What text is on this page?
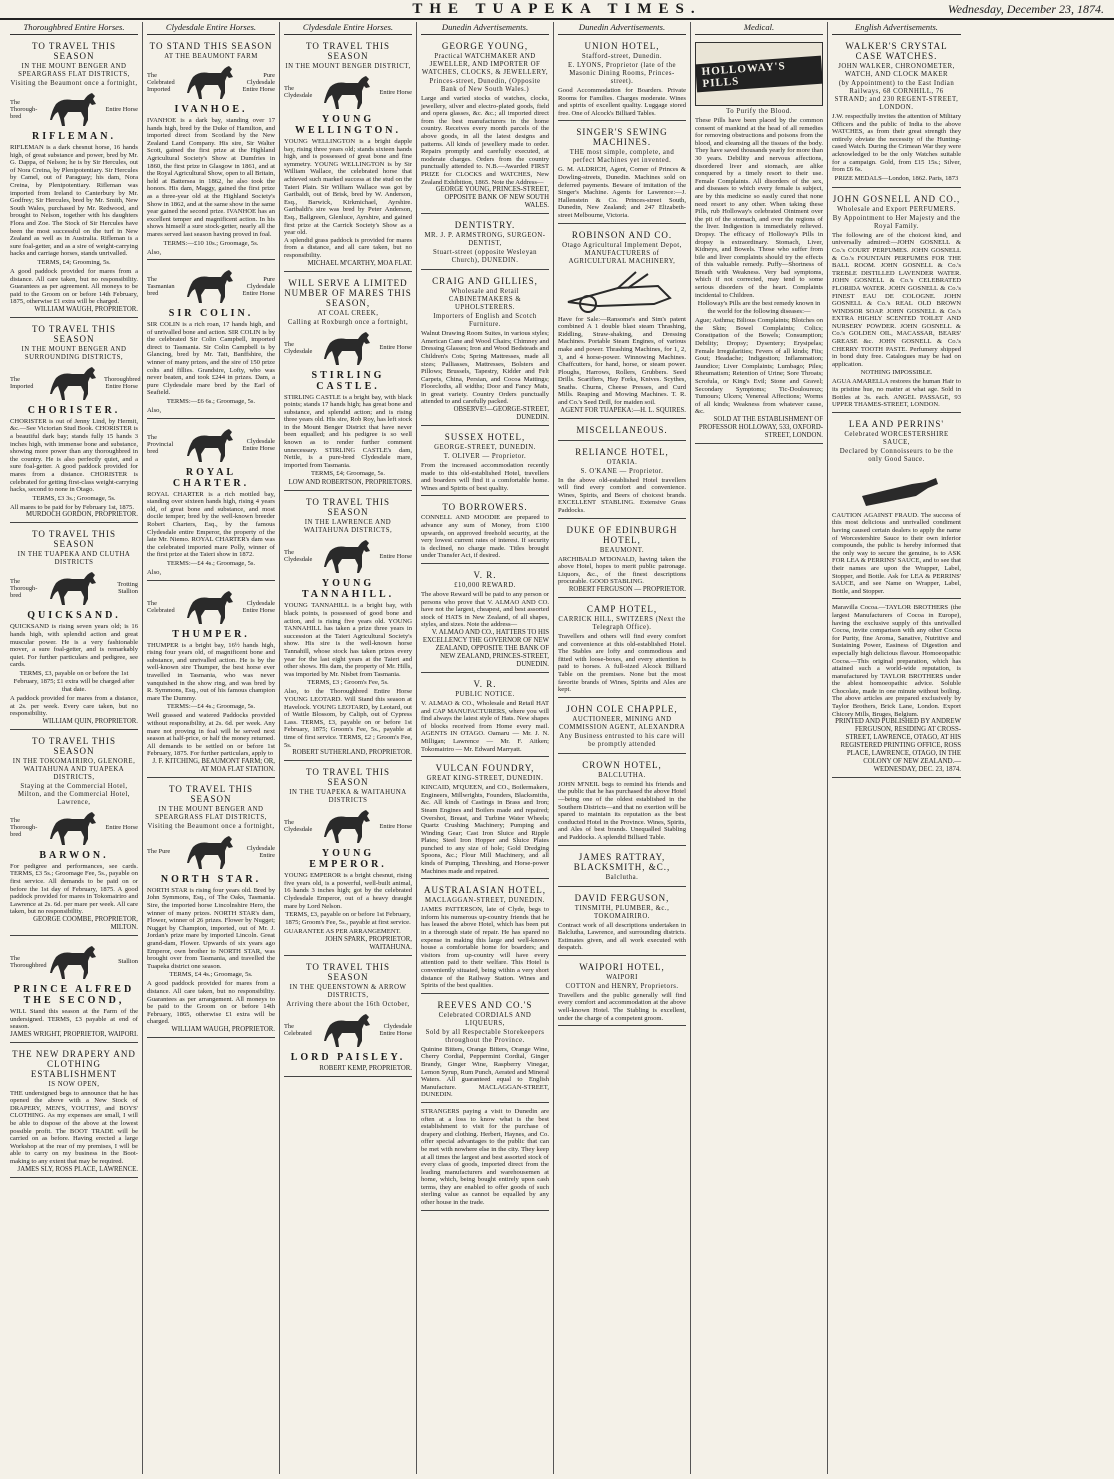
THE TUAPEKA TIMES.	Wednesday, December 23, 1874.
Thoroughbred Entire Horses.
TO TRAVEL THIS SEASON
IN THE MOUNT BENGER AND SPEARGRASS FLAT DISTRICTS,
Visiting the Beaumont once a fortnight,
The Thorough-bred
Entire Horse
RIFLEMAN.

RIFLEMAN is a dark chesnut horse, 16 hands high, of great substance and power, bred by Mr. G. Dappa, of Nelson; he is by Sir Hercules, out of Nora Creina, by Plenipotentiary. Sir Hercules by Camel, out of Paraguay; his dam, Nora Creina, by Plenipotentiary. Rifleman was imported from Ireland to Canterbury by Mr. Godfrey; Sir Hercules, bred by Mr. Smith, New South Wales, purchased by Mr. Redwood, and brought to Nelson, together with his daughters Flora and Zoe. The Stock of Sir Hercules have been the most successful on the turf in New Zealand as well as in Australia. Rifleman is a sure foal-getter, and as a sire of weight-carrying hacks and carriage horses, stands unrivalled.

TERMS, £4; Grooming, 5s.

A good paddock provided for mares from a distance. All care taken, but no responsibility. Guarantees as per agreement. All moneys to be paid to the Groom on or before 14th February, 1875, otherwise £1 extra will be charged.

WILLIAM WAUGH, PROPRIETOR.
TO TRAVEL THIS SEASON
IN THE MOUNT BENGER AND SURROUNDING DISTRICTS,
The Imported
Thoroughbred Entire Horse
CHORISTER.

CHORISTER is out of Jenny Lind, by Hermit, &c.—See Victorian Stud Book. CHORISTER is a beautiful dark bay; stands fully 15 hands 3 inches high, with immense bone and substance, showing more power than any thoroughbred in the country. He is also perfectly quiet, and a sure foal-getter. A good paddock provided for mares from a distance. CHORISTER is celebrated for getting first-class weight-carrying hacks, second to none in Otago.

TERMS, £3 3s.; Groomage, 5s.

All mares to be paid for by February 1st, 1875.

MURDOCH GORDON, PROPRIETOR.
TO TRAVEL THIS SEASON
IN THE TUAPEKA AND CLUTHA DISTRICTS
The Thorough-bred
Trotting Stallion
QUICKSAND.

QUICKSAND is rising seven years old; is 16 hands high, with splendid action and great muscular power. He is a very fashionable mover, a sure foal-getter, and is remarkably quiet. For further particulars and pedigree, see cards.

TERMS, £3, payable on or before the 1st February, 1875; £1 extra will be charged after that date.

A paddock provided for mares from a distance, at 2s. per week. Every care taken, but no responsibility.

WILLIAM QUIN, PROPRIETOR.
TO TRAVEL THIS SEASON
IN THE TOKOMAIRIRO, GLENORE, WAITAHUNA AND TUAPEKA DISTRICTS,
Staying at the Commercial Hotel, Milton, and the Commercial Hotel, Lawrence,
The Thorough-bred
Entire Horse
BARWON.

For pedigree and performances, see cards. TERMS, £3 5s.; Groomage Fee, 5s., payable on first service. All demands to be paid on or before the 1st day of February, 1875. A good paddock provided for mares in Tokomairiro and Lawrence at 2s. 6d. per mare per week. All care taken, but no responsibility.

GEORGE COOMBE, PROPRIETOR, MILTON.
The Thoroughbred	Stallion
PRINCE ALFRED THE SECOND,

WILL Stand this season at the Farm of the undersigned. TERMS, £3 payable at end of season.

JAMES WRIGHT, PROPRIETOR, WAIPORI.
THE NEW DRAPERY AND CLOTHING ESTABLISHMENT
IS NOW OPEN,

THE undersigned begs to announce that he has opened the above with a New Stock of DRAPERY, MEN'S, YOUTHS', and BOYS' CLOTHING. As my expenses are small, I will be able to dispose of the above at the lowest possible profit. The BOOT TRADE will be carried on as before. Having erected a large Workshop at the rear of my premises, I will be able to carry on my business in the Boot-making to any extent that may be required.

JAMES SLY, ROSS PLACE, LAWRENCE.
Clydesdale Entire Horses.
TO STAND THIS SEASON
AT THE BEAUMONT FARM
The Celebrated Imported
Pure Clydesdale Entire Horse
IVANHOE.

IVANHOE is a dark bay, standing over 17 hands high, bred by the Duke of Hamilton, and imported direct from Scotland by the New Zealand Land Company. His sire, Sir Walter Scott, gained the first prize at the Highland Agricultural Society's Show at Dumfries in 1860, the first prize in Glasgow in 1861, and at the Royal Agricultural Show, open to all Britain, held at Battersea in 1862, he also took the honors. His dam, Maggy, gained the first prize as a three-year old at the Highland Society's Show in 1862, and at the same show in the same year gained the second prize. IVANHOE has an excellent temper and magnificent action. In his shows himself a sure stock-getter, nearly all the mares served last season having proved in foal.

TERMS:—£10 10s.; Groomage, 5s.

Also,

The Tasmanian bred
Pure Clydesdale Entire Horse
SIR COLIN.

SIR COLIN is a rich roan, 17 hands high, and of unrivalled bone and action. SIR COLIN is by the celebrated Sir Colin Campbell, imported direct to Tasmania. Sir Colin Campbell is by Glancing, bred by Mr. Tait, Banffshire, the winner of many prizes, and the sire of 150 prize colts and fillies. Grandsire, Lofty, who was never beaten, and took £244 in prizes. Dam, a pure Clydesdale mare bred by the Earl of Seafield.

TERMS:—£6 6s.; Groomage, 5s.

Also,

The Provincial bred
Clydesdale Entire Horse
ROYAL CHARTER.

ROYAL CHARTER is a rich mottled bay, standing over sixteen hands high, rising 4 years old, of great bone and substance, and most docile temper; bred by the well-known breeder Robert Charters, Esq., by the famous Clydesdale entire Emperor, the property of the late Mr. Niemo. ROYAL CHARTER's dam was the celebrated imported mare Polly, winner of the first prize at the Taieri show in 1872.

TERMS:—£4 4s.; Groomage, 5s.

Also,

The Celebrated
Clydesdale Entire Horse
THUMPER.

THUMPER is a bright bay, 16½ hands high, rising four years old, of magnificent bone and substance, and unrivalled action. He is by the well-known sire Thumper, the best horse ever travelled in Tasmania, who was never vanquished in the show ring, and was bred by R. Symmons, Esq., out of his famous champion mare The Dummy.

TERMS:—£4 4s.; Groomage, 5s.

Well grassed and watered Paddocks provided without responsibility, at 2s. 6d. per week. Any mare not proving in foal will be served next season at half-price, or half the money returned. All demands to be settled on or before 1st February, 1875. For further particulars, apply to

J. F. KITCHING, BEAUMONT FARM; OR, AT MOA FLAT STATION.
TO TRAVEL THIS SEASON
IN THE MOUNT BENGER AND SPEARGRASS FLAT DISTRICTS,
Visiting the Beaumont once a fortnight,
The Pure	Clydesdale Entire
NORTH STAR.

NORTH STAR is rising four years old. Bred by John Symmons, Esq., of The Oaks, Tasmania. Sire, the imported horse Lincolnshire Hero, the winner of many prizes. NORTH STAR's dam, Flower, winner of 26 prizes. Flower by Nugget; Nugget by Champion, imported, out of Mr. J. Jordan's prize mare by imported Lincoln. Great grand-dam, Flower. Upwards of six years ago Emperor, own brother to NORTH STAR, was brought over from Tasmania, and travelled the Tuapeka district one season.

TERMS, £4 4s.; Groomage, 5s.

A good paddock provided for mares from a distance. All care taken, but no responsibility. Guarantees as per arrangement. All moneys to be paid to the Groom on or before 14th February, 1865, otherwise £1 extra will be charged.

WILLIAM WAUGH, PROPRIETOR.
Clydesdale Entire Horses.
TO TRAVEL THIS SEASON
IN THE MOUNT BENGER DISTRICT,
The Clydesdale	Entire Horse
YOUNG WELLINGTON.

YOUNG WELLINGTON is a bright dapple bay, rising three years old; stands sixteen hands high, and is possessed of great bone and fine symmetry. YOUNG WELLINGTON is by Sir William Wallace, the celebrated horse that achieved such marked success at the stud on the Taieri Plain. Sir William Wallace was got by Garibaldi, out of Brisk, bred by W. Anderson, Esq., Barwick, Kirkmichael, Ayrshire. Garibaldi's sire was bred by Peter Anderson, Esq., Ballgreen, Glenluce, Ayrshire, and gained first prize at the Carrick Society's Show as a year old.

A splendid grass paddock is provided for mares from a distance, and all care taken, but no responsibility.

MICHAEL M'CARTHY, MOA FLAT.
WILL SERVE A LIMITED NUMBER OF MARES THIS SEASON,
AT COAL CREEK,
Calling at Roxburgh once a fortnight,
The Clydesdale	Entire Horse
STIRLING CASTLE.

STIRLING CASTLE is a bright bay, with black points; stands 17 hands high; has great bone and substance, and splendid action; and is rising three years old. His sire, Rob Roy, has left stock in the Mount Benger District that have never been equalled; and his pedigree is so well known as to render further comment unnecessary. STIRLING CASTLE's dam, Nettle, is a pure-bred Clydesdale mare, imported from Tasmania.

TERMS, £4; Groomage, 5s.
LOW AND ROBERTSON, PROPRIETORS.
TO TRAVEL THIS SEASON
IN THE LAWRENCE AND WAITAHUNA DISTRICTS,
The Clydesdale	Entire Horse
YOUNG TANNAHILL.

YOUNG TANNAHILL is a bright bay, with black points, is possessed of good bone and action, and is rising five years old. YOUNG TANNAHILL has taken a prize three years in succession at the Taieri Agricultural Society's show. His sire is the well-known horse Tannahill, whose stock has taken prizes every year for the last eight years at the Taieri and other shows. His dam, the property of Mr. Hills, was imported by Mr. Nisbet from Tasmania.

TERMS, £3 ; Groom's Fee, 5s.

Also, to the Thoroughbred Entire Horse YOUNG LEOTARD. Will Stand this season at Havelock. YOUNG LEOTARD, by Leotard, out of Wattle Blossom, by Caliph, out of Cypress Lass. TERMS, £3, payable on or before 1st February, 1875; Groom's Fee, 5s., payable at time of first service. TERMS, £2 ; Groom's Fee, 5s.

ROBERT SUTHERLAND, PROPRIETOR.
TO TRAVEL THIS SEASON
IN THE TUAPEKA & WAITAHUNA DISTRICTS
The Clydesdale	Entire Horse
YOUNG EMPEROR.

YOUNG EMPEROR is a bright chesnut, rising five years old, is a powerful, well-built animal, 16 hands 3 inches high; got by the celebrated Clydesdale Emperor, out of a heavy draught mare by Lord Nelson.

TERMS, £3, payable on or before 1st February, 1875; Groom's Fee, 5s., payable at first service.

GUARANTEE AS PER ARRANGEMENT.

JOHN SPARK, PROPRIETOR, WAITAHUNA.
TO TRAVEL THIS SEASON
IN THE QUEENSTOWN & ARROW DISTRICTS,
Arriving there about the 16th October,
The Celebrated
Clydesdale Entire Horse
LORD PAISLEY.
ROBERT KEMP, PROPRIETOR.
Dunedin Advertisements.
GEORGE YOUNG,
Practical WATCHMAKER AND JEWELLER, AND IMPORTER OF WATCHES, CLOCKS, & JEWELLERY,
Princes-street, Dunedin, (Opposite Bank of New South Wales.)

Large and varied stocks of watches, clocks, jewellery, silver and electro-plated goods, field and opera glasses, &c. &c.; all imported direct from the best manufacturers in the home country. Receives every month parcels of the above goods, in all the latest designs and patterns. All kinds of jewellery made to order. Repairs promptly and carefully executed, at moderate charges. Orders from the country punctually attended to. N.B.—Awarded FIRST PRIZE for CLOCKS and WATCHES, New Zealand Exhibition, 1865. Note the Address—

GEORGE YOUNG, PRINCES-STREET, OPPOSITE BANK OF NEW SOUTH WALES.
DENTISTRY.
MR. J. P. ARMSTRONG, SURGEON-DENTIST,
Stuart-street (opposite Wesleyan Church), DUNEDIN.
CRAIG AND GILLIES,
Wholesale and Retail CABINETMAKERS & UPHOLSTERERS.
Importers of English and Scotch Furniture.

Walnut Drawing Room Suites, in various styles; American Cane and Wood Chairs; Chimney and Dressing Glasses; Iron and Wood Bedsteads and Children's Cots; Spring Mattresses, made all sizes; Palliasses, Mattresses, Bolsters and Pillows; Brussels, Tapestry, Kidder and Felt Carpets, China, Persian, and Cocoa Mattings; Floorcloths, all widths; Door and Fancy Mats, in great variety. Country Orders punctually attended to and carefully packed.

OBSERVE!—GEORGE-STREET, DUNEDIN.
SUSSEX HOTEL,
GEORGE-STREET, DUNEDIN.
T. OLIVER — Proprietor.

From the increased accommodation recently made to this old-established Hotel, travellers and boarders will find it a comfortable home. Wines and Spirits of best quality.

TO BORROWERS.

CONNELL AND MOODIE are prepared to advance any sum of Money, from £100 upwards, on approved freehold security, at the very lowest current rates of interest. If security is declined, no charge made. Titles brought under Transfer Act, if desired.

V. R.
£10,000 REWARD.

The above Reward will be paid to any person or persons who prove that V. ALMAO AND CO. have not the largest, cheapest, and best assorted stock of HATS in New Zealand, of all shapes, styles, and sizes. Note the address—

V. ALMAO AND CO., HATTERS TO HIS EXCELLENCY THE GOVERNOR OF NEW ZEALAND, OPPOSITE THE BANK OF NEW ZEALAND, PRINCES-STREET, DUNEDIN.
V. R.
PUBLIC NOTICE.

V. ALMAO & CO., Wholesale and Retail HAT and CAP MANUFACTURERS, where you will find always the latest style of Hats. New shapes of blocks received from Home every mail. AGENTS IN OTAGO. Oamaru — Mr. J. N. Milligan; Lawrence — Mr. F. Aitken; Tokomairiro — Mr. Edward Marryatt.

VULCAN FOUNDRY,
GREAT KING-STREET, DUNEDIN.

KINCAID, M'QUEEN, and CO., Boilermakers, Engineers, Millwrights, Founders, Blacksmiths, &c. All kinds of Castings in Brass and Iron; Steam Engines and Boilers made and repaired; Overshot, Breast, and Turbine Water Wheels; Quartz Crushing Machinery; Pumping and Winding Gear; Cast Iron Sluice and Ripple Plates; Steel Iron Hopper and Sluice Plates punched to any size of hole; Gold Dredging Spoons, &c.; Flour Mill Machinery, and all kinds of Pumping, Threshing, and Horse-power Machines made and repaired.

AUSTRALASIAN HOTEL,
MACLAGGAN-STREET, DUNEDIN.

JAMES PATTERSON, late of Clyde, begs to inform his numerous up-country friends that he has leased the above Hotel, which has been put in a thorough state of repair. He has spared no expense in making this large and well-known house a comfortable home for boarders; and visitors from up-country will have every attention paid to their welfare. This Hotel is conveniently situated, being within a very short distance of the Railway Station. Wines and Spirits of the best qualities.

REEVES AND CO.'S
Celebrated CORDIALS AND LIQUEURS,
Sold by all Respectable Storekeepers throughout the Province.

Quinine Bitters, Orange Bitters, Orange Wine, Cherry Cordial, Peppermint Cordial, Ginger Brandy, Ginger Wine, Raspberry Vinegar, Lemon Syrup, Rum Punch, Aerated and Mineral Waters. All guaranteed equal to English Manufacture. MACLAGGAN-STREET, DUNEDIN.

STRANGERS paying a visit to Dunedin are often at a loss to know what is the best establishment to visit for the purchase of drapery and clothing. Herbert, Haynes, and Co. offer special advantages to the public that can be met with nowhere else in the city. They keep at all times the largest and best assorted stock of every class of goods, imported direct from the leading manufacturers and warehousemen at home, which, being bought entirely upon cash terms, they are enabled to offer goods of such sterling value as cannot be equalled by any other house in the trade.

Dunedin Advertisements.
UNION HOTEL,
Stafford-street, Dunedin.
E. LYONS, Proprietor (late of the Masonic Dining Rooms, Princes-street).

Good Accommodation for Boarders. Private Rooms for Families. Charges moderate. Wines and spirits of excellent quality. Luggage stored free. One of Alcock's Billiard Tables.

SINGER'S SEWING MACHINES.
THE most simple, complete, and perfect Machines yet invented.

G. M. ALDRICH, Agent, Corner of Princes & Dowling-streets, Dunedin. Machines sold on deferred payments. Beware of imitation of the Singer's Machine. Agents for Lawrence:—J. Hallenstein & Co. Princes-street South, Dunedin, New Zealand; and 247 Elizabeth-street Melbourne, Victoria.

ROBINSON AND CO.
Otago Agricultural Implement Depot, MANUFACTURERS of AGRICULTURAL MACHINERY,

Have for Sale:—Ransome's and Sim's patent combined A 1 double blast steam Thrashing, Riddling, Straw-shaking, and Dressing Machines. Portable Steam Engines, of various make and power. Thrashing Machines, for 1, 2, 3, and 4 horse-power. Winnowing Machines. Chaffcutters, for hand, horse, or steam power. Ploughs, Harrows, Rollers, Grubbers. Seed Drills. Scarifiers, Hay Forks, Knives. Scythes, Snaths. Churns, Cheese Presses, and Curd Mills. Reaping and Mowing Machines. T. R. and Co.'s Seed Drill, for maiden soil.

AGENT FOR TUAPEKA:—H. L. SQUIRES.
MISCELLANEOUS.
RELIANCE HOTEL,
OTAKIA.
S. O'KANE — Proprietor.

In the above old-established Hotel travellers will find every comfort and convenience. Wines, Spirits, and Beers of choicest brands. EXCELLENT STABLING. Extensive Grass Paddocks.

DUKE OF EDINBURGH HOTEL,
BEAUMONT.

ARCHIBALD M'DONALD, having taken the above Hotel, hopes to merit public patronage. Liquors, &c., of the finest descriptions procurable. GOOD STABLING.

ROBERT FERGUSON — PROPRIETOR.
CAMP HOTEL,
CARRICK HILL, SWITZERS (Next the Telegraph Office).

Travellers and others will find every comfort and convenience at this old-established Hotel. The Stables are lofty and commodious and fitted with loose-boxes, and every attention is paid to horses. A full-sized Alcock Billiard Table on the premises. None but the most favorite brands of Wines, Spirits and Ales are kept.

JOHN COLE CHAPPLE,
AUCTIONEER, MINING AND COMMISSION AGENT, ALEXANDRA
Any Business entrusted to his care will be promptly attended
CROWN HOTEL,
BALCLUTHA.

JOHN M'NEIL begs to remind his friends and the public that he has purchased the above Hotel—being one of the oldest established in the Southern Districts—and that no exertion will be spared to maintain its reputation as the best conducted Hotel in the Province. Wines, Spirits, and Ales of best brands. Unequalled Stabling and Paddocks. A splendid Billiard Table.

JAMES RATTRAY, BLACKSMITH, &C.,
Balclutha.
DAVID FERGUSON,
TINSMITH, PLUMBER, &c., TOKOMAIRIRO.

Contract work of all descriptions undertaken in Balclutha, Lawrence, and surrounding districts. Estimates given, and all work executed with despatch.

WAIPORI HOTEL,
WAIPORI
COTTON and HENRY, Proprietors.

Travellers and the public generally will find every comfort and accommodation at the above well-known Hotel. The Stabling is excellent, under the charge of a competent groom.

Medical.
HOLLOWAY'S PILLS
To Purify the Blood.

These Pills have been placed by the common consent of mankind at the head of all remedies for removing obstructions and poisons from the blood, and cleansing all the tissues of the body. They have saved thousands yearly for more than 30 years. Debility and nervous affections, disordered liver and stomach, are alike conquered by a timely resort to their use. Female Complaints. All disorders of the sex, and diseases to which every female is subject, are by this medicine so easily cured that none need resort to any other. When taking these Pills, rub Holloway's celebrated Ointment over the pit of the stomach, and over the regions of the liver. Indigestion is immediately relieved. Dropsy. The efficacy of Holloway's Pills in dropsy is extraordinary. Stomach, Liver, Kidneys, and Bowels. Those who suffer from bile and liver complaints should try the effects of this valuable remedy. Puffy—Shortness of Breath with Weakness. Very bad symptoms, which if not corrected, may tend to some serious disorders of the heart. Complaints incidental to Children.

Holloway's Pills are the best remedy known in the world for the following diseases:—

Ague; Asthma; Bilious Complaints; Blotches on the Skin; Bowel Complaints; Colics; Constipation of the Bowels; Consumption; Debility; Dropsy; Dysentery; Erysipelas; Female Irregularities; Fevers of all kinds; Fits; Gout; Headache; Indigestion; Inflammation; Jaundice; Liver Complaints; Lumbago; Piles; Rheumatism; Retention of Urine; Sore Throats; Scrofula, or King's Evil; Stone and Gravel; Secondary Symptoms; Tic-Douloureux; Tumours; Ulcers; Venereal Affections; Worms of all kinds; Weakness from whatever cause, &c.

SOLD AT THE ESTABLISHMENT OF PROFESSOR HOLLOWAY, 533, OXFORD-STREET, LONDON.
English Advertisements.
WALKER'S CRYSTAL CASE WATCHES.
JOHN WALKER, CHRONOMETER, WATCH, AND CLOCK MAKER
(by Appointment) to the East Indian Railways, 68 CORNHILL, 76 STRAND; and 230 REGENT-STREET, LONDON.

J.W. respectfully invites the attention of Military Officers and the public of India to the above WATCHES, as from their great strength they entirely obviate the necessity of the Hunting-cased Watch. During the Crimean War they were acknowledged to be the only Watches suitable for a campaign. Gold, from £15 15s.; Silver, from £6 6s.

PRIZE MEDALS—London, 1862. Paris, 1873
JOHN GOSNELL AND CO.,
Wholesale and Export PERFUMERS.
By Appointment to Her Majesty and the Royal Family.

The following are of the choicest kind, and universally admired:—JOHN GOSNELL & Co.'s COURT PERFUMES. JOHN GOSNELL & Co.'s FOUNTAIN PERFUMES FOR THE BALL ROOM. JOHN GOSNELL & Co.'s TREBLE DISTILLED LAVENDER WATER. JOHN GOSNELL & Co.'s CELEBRATED FLORIDA WATER. JOHN GOSNELL & Co.'s FINEST EAU DE COLOGNE. JOHN GOSNELL & Co.'s REAL OLD BROWN WINDSOR SOAP. JOHN GOSNELL & Co.'s EXTRA HIGHLY SCENTED TOILET AND NURSERY POWDER. JOHN GOSNELL & Co.'s GOLDEN OIL, MACASSAR, BEARS' GREASE &c. JOHN GOSNELL & Co.'s CHERRY TOOTH PASTE. Perfumery shipped in bond duty free. Catalogues may be had on application.

NOTHING IMPOSSIBLE.

AGUA AMARELLA restores the human Hair to its pristine hue, no matter at what age. Sold in Bottles at 3s. each. ANGEL PASSAGE, 93 UPPER THAMES-STREET, LONDON.

LEA AND PERRINS'
Celebrated WORCESTERSHIRE SAUCE,
Declared by Connoisseurs to be the only Good Sauce.

CAUTION AGAINST FRAUD. The success of this most delicious and unrivalled condiment having caused certain dealers to apply the name of Worcestershire Sauce to their own inferior compounds, the public is hereby informed that the only way to secure the genuine, is to ASK FOR LEA & PERRINS' SAUCE, and to see that their names are upon the Wrapper, Label, Stopper, and Bottle. Ask for LEA & PERRINS' SAUCE, and see Name on Wrapper, Label, Bottle, and Stopper.

Maravilla Cocoa.—TAYLOR BROTHERS (the largest Manufacturers of Cocoa in Europe), having the exclusive supply of this unrivalled Cocoa, invite comparison with any other Cocoa for Purity, fine Aroma, Sanative, Nutritive and Sustaining Power, Easiness of Digestion and especially high delicious flavour. Homoeopathic Cocoa.—This original preparation, which has attained such a world-wide reputation, is manufactured by TAYLOR BROTHERS under the ablest homoeopathic advice. Soluble Chocolate, made in one minute without boiling. The above articles are prepared exclusively by Taylor Brothers, Brick Lane, London. Export Chicory Mills, Bruges, Belgium.

PRINTED AND PUBLISHED BY ANDREW FERGUSON, RESIDING AT CROSS-STREET, LAWRENCE, OTAGO, AT HIS REGISTERED PRINTING OFFICE, ROSS PLACE, LAWRENCE, OTAGO, IN THE COLONY OF NEW ZEALAND.—WEDNESDAY, DEC. 23, 1874.
